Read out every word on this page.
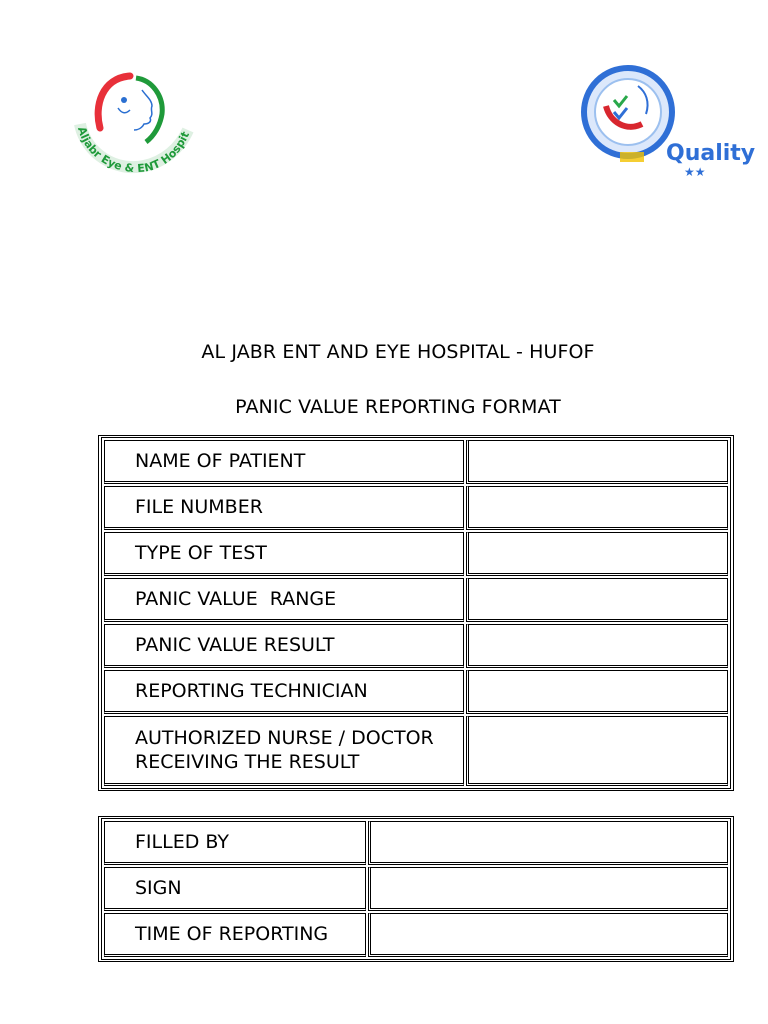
Aljabr Eye & ENT Hospit
Quality
★★
AL JABR ENT AND EYE HOSPITAL - HUFOF
PANIC VALUE REPORTING FORMAT
NAME OF PATIENT	
FILE NUMBER	
TYPE OF TEST	
PANIC VALUE  RANGE	
PANIC VALUE RESULT	
REPORTING TECHNICIAN	

AUTHORIZED NURSE / DOCTOR
RECEIVING THE RESULT	

FILLED BY	
SIGN	
TIME OF REPORTING	
